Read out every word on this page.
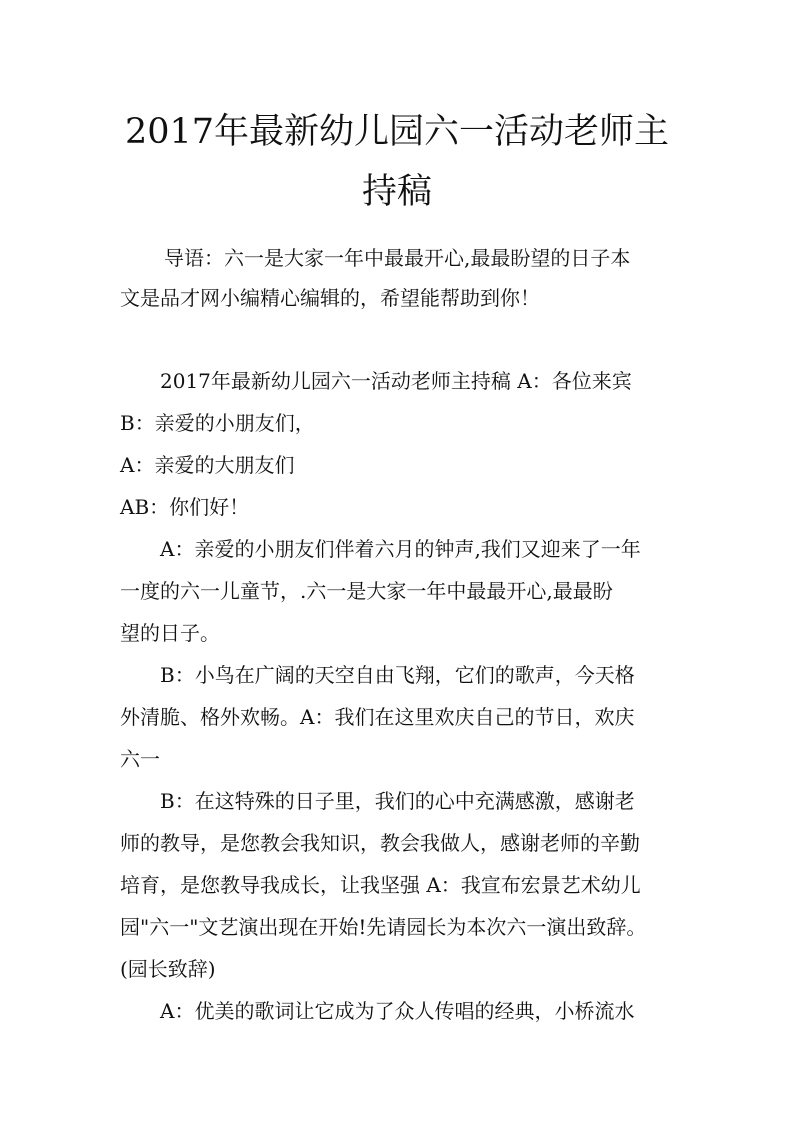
2017年最新幼儿园六一活动老师主
持稿

导语：六一是大家一年中最最开心,最最盼望的日子本

文是品才网小编精心编辑的，希望能帮助到你！

2017年最新幼儿园六一活动老师主持稿 A：各位来宾

B：亲爱的小朋友们，

A：亲爱的大朋友们

AB：你们好！

A：亲爱的小朋友们伴着六月的钟声,我们又迎来了一年

一度的六一儿童节，.六一是大家一年中最最开心,最最盼

望的日子。

B：小鸟在广阔的天空自由飞翔，它们的歌声，今天格

外清脆、格外欢畅。A：我们在这里欢庆自己的节日，欢庆

六一

B：在这特殊的日子里，我们的心中充满感激，感谢老

师的教导，是您教会我知识，教会我做人，感谢老师的辛勤

培育，是您教导我成长，让我坚强 A：我宣布宏景艺术幼儿

园"六一"文艺演出现在开始!先请园长为本次六一演出致辞。

(园长致辞)

A：优美的歌词让它成为了众人传唱的经典，小桥流水
